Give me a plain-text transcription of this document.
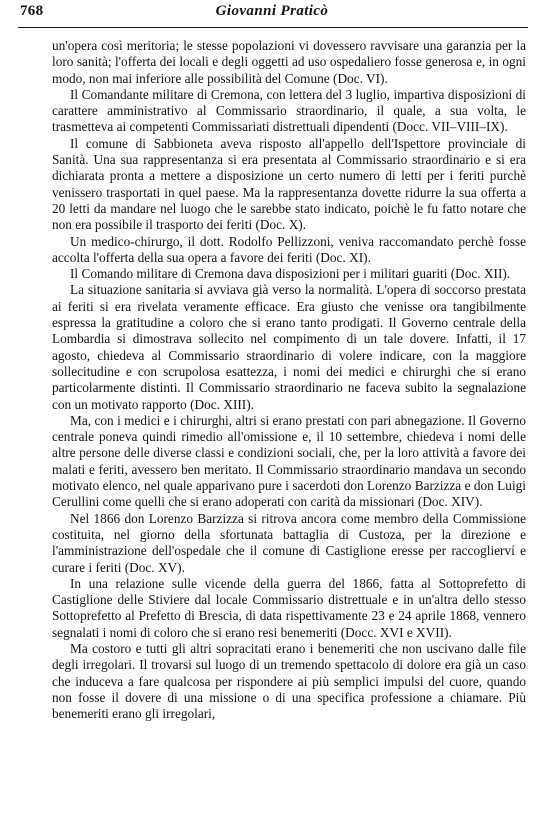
768	Giovanni Praticò

un'opera così meritoria; le stesse popolazioni vi dovessero ravvisare una garanzia per la loro sanità; l'offerta dei locali e degli oggetti ad uso ospedaliero fosse generosa e, in ogni modo, non mai inferiore alle possibilità del Comune (Doc. VI).

Il Comandante militare di Cremona, con lettera del 3 luglio, impartiva disposizioni di carattere amministrativo al Commissario straordinario, il quale, a sua volta, le trasmetteva ai competenti Commissariati distrettuali dipendenti (Docc. VII–VIII–IX).

Il comune di Sabbioneta aveva risposto all'appello dell'Ispettore provinciale di Sanità. Una sua rappresentanza si era presentata al Commissario straordinario e si era dichiarata pronta a mettere a disposizione un certo numero di letti per i feriti purchè venissero trasportati in quel paese. Ma la rappresentanza dovette ridurre la sua offerta a 20 letti da mandare nel luogo che le sarebbe stato indicato, poichè le fu fatto notare che non era possibile il trasporto dei feriti (Doc. X).

Un medico-chirurgo, il dott. Rodolfo Pellizzoni, veniva raccomandato perchè fosse accolta l'offerta della sua opera a favore dei feriti (Doc. XI).

Il Comando militare di Cremona dava disposizioni per i militari guariti (Doc. XII).

La situazione sanitaria si avviava già verso la normalità. L'opera di soccorso prestata ai feriti si era rivelata veramente efficace. Era giusto che venisse ora tangibilmente espressa la gratitudine a coloro che si erano tanto prodigati. Il Governo centrale della Lombardia si dimostrava sollecito nel compimento di un tale dovere. Infatti, il 17 agosto, chiedeva al Commissario straordinario di volere indicare, con la maggiore sollecitudine e con scrupolosa esattezza, i nomi dei medici e chirurghi che si erano particolarmente distinti. Il Commissario straordinario ne faceva subito la segnalazione con un motivato rapporto (Doc. XIII).

Ma, con i medici e i chirurghi, altri si erano prestati con pari abnegazione. Il Governo centrale poneva quindi rimedio all'omissione e, il 10 settembre, chiedeva i nomi delle altre persone delle diverse classi e condizioni sociali, che, per la loro attività a favore dei malati e feriti, avessero ben meritato. Il Commissario straordinario mandava un secondo motivato elenco, nel quale apparivano pure i sacerdoti don Lorenzo Barzizza e don Luigi Cerullini come quelli che si erano adoperati con carità da missionari (Doc. XIV).

Nel 1866 don Lorenzo Barzizza si ritrova ancora come membro della Commissione costituita, nel giorno della sfortunata battaglia di Custoza, per la direzione e l'amministrazione dell'ospedale che il comune di Castiglione eresse per raccoglierví e curare i feriti (Doc. XV).

In una relazione sulle vicende della guerra del 1866, fatta al Sottoprefetto di Castiglione delle Stiviere dal locale Commissario distrettuale e in un'altra dello stesso Sottoprefetto al Prefetto di Brescia, di data rispettivamente 23 e 24 aprile 1868, vennero segnalati i nomi di coloro che si erano resi benemeriti (Docc. XVI e XVII).

Ma costoro e tutti gli altri sopracitati erano i benemeriti che non uscivano dalle file degli irregolari. Il trovarsi sul luogo di un tremendo spettacolo di dolore era già un caso che induceva a fare qualcosa per rispondere ai più semplici impulsi del cuore, quando non fosse il dovere di una missione o di una specifica professione a chiamare. Più benemeriti erano gli irregolari,
